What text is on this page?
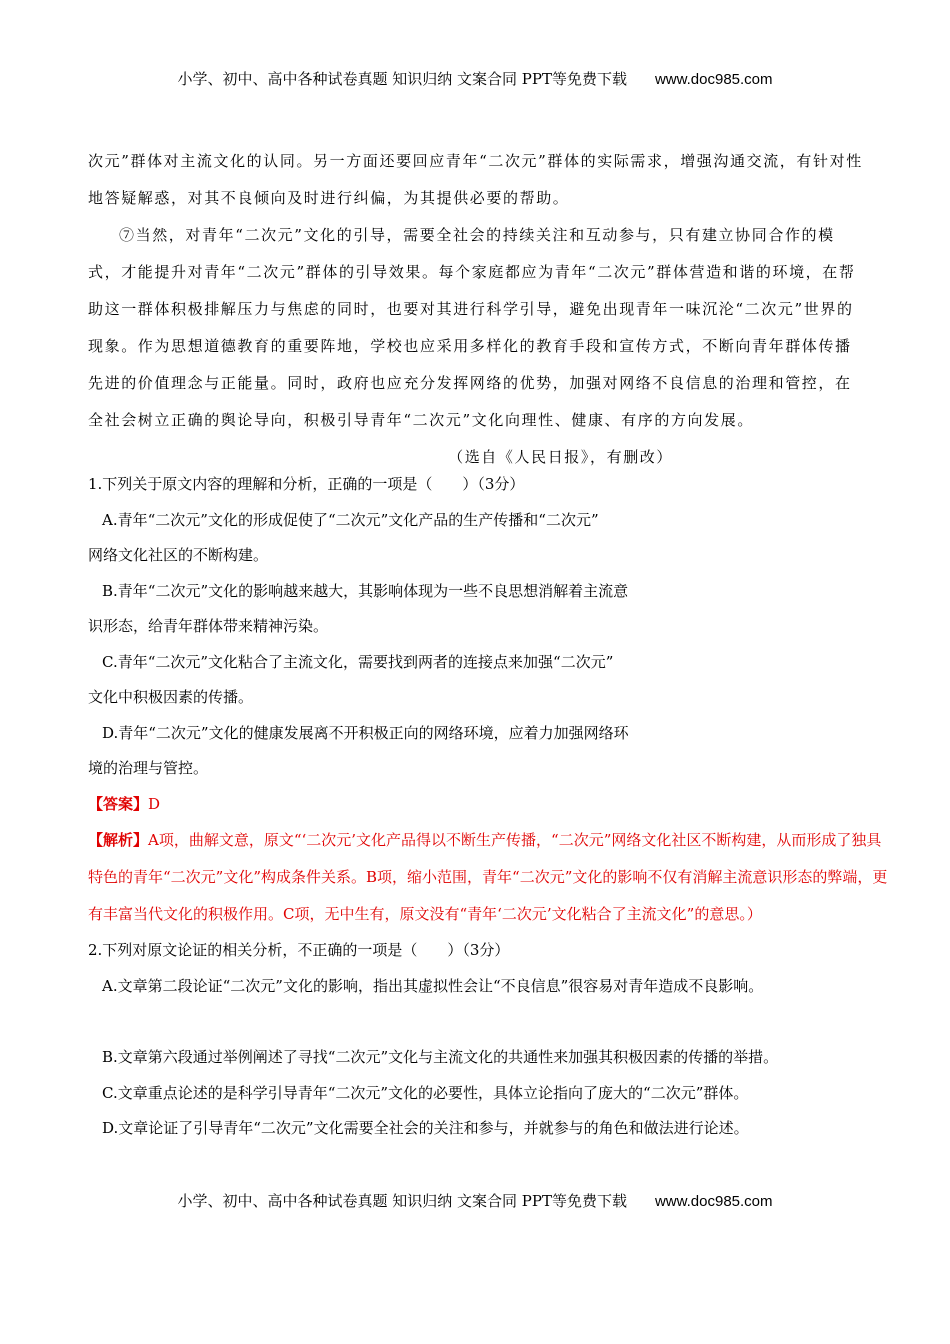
小学、初中、高中各种试卷真题 知识归纳 文案合同 PPT等免费下载 www.doc985.com

次元”群体对主流文化的认同。另一方面还要回应青年“二次元”群体的实际需求，增强沟通交流，有针对性地答疑解惑，对其不良倾向及时进行纠偏，为其提供必要的帮助。

⑦当然，对青年“二次元”文化的引导，需要全社会的持续关注和互动参与，只有建立协同合作的模式，才能提升对青年“二次元”群体的引导效果。每个家庭都应为青年“二次元”群体营造和谐的环境，在帮助这一群体积极排解压力与焦虑的同时，也要对其进行科学引导，避免出现青年一味沉沦“二次元”世界的现象。作为思想道德教育的重要阵地，学校也应采用多样化的教育手段和宣传方式，不断向青年群体传播先进的价值理念与正能量。同时，政府也应充分发挥网络的优势，加强对网络不良信息的治理和管控，在全社会树立正确的舆论导向，积极引导青年“二次元”文化向理性、健康、有序的方向发展。

（选自《人民日报》，有删改）

1.下列关于原文内容的理解和分析，正确的一项是（　　）（3分）

A.青年“二次元”文化的形成促使了“二次元”文化产品的生产传播和“二次元”

网络文化社区的不断构建。

B.青年“二次元”文化的影响越来越大，其影响体现为一些不良思想消解着主流意

识形态，给青年群体带来精神污染。

C.青年“二次元”文化粘合了主流文化，需要找到两者的连接点来加强“二次元”

文化中积极因素的传播。

D.青年“二次元”文化的健康发展离不开积极正向的网络环境，应着力加强网络环

境的治理与管控。

【答案】D

【解析】A项，曲解文意，原文“‘二次元’文化产品得以不断生产传播，“二次元”网络文化社区不断构建，从而形成了独具特色的青年“二次元”文化”构成条件关系。B项，缩小范围，青年“二次元”文化的影响不仅有消解主流意识形态的弊端，更有丰富当代文化的积极作用。C项，无中生有，原文没有“青年‘二次元’文化粘合了主流文化”的意思。）

2.下列对原文论证的相关分析，不正确的一项是（　　）（3分）

A.文章第二段论证“二次元”文化的影响，指出其虚拟性会让“不良信息”很容易对青年造成不良影响。

B.文章第六段通过举例阐述了寻找“二次元”文化与主流文化的共通性来加强其积极因素的传播的举措。

C.文章重点论述的是科学引导青年“二次元”文化的必要性，具体立论指向了庞大的“二次元”群体。

D.文章论证了引导青年“二次元”文化需要全社会的关注和参与，并就参与的角色和做法进行论述。

小学、初中、高中各种试卷真题 知识归纳 文案合同 PPT等免费下载 www.doc985.com
